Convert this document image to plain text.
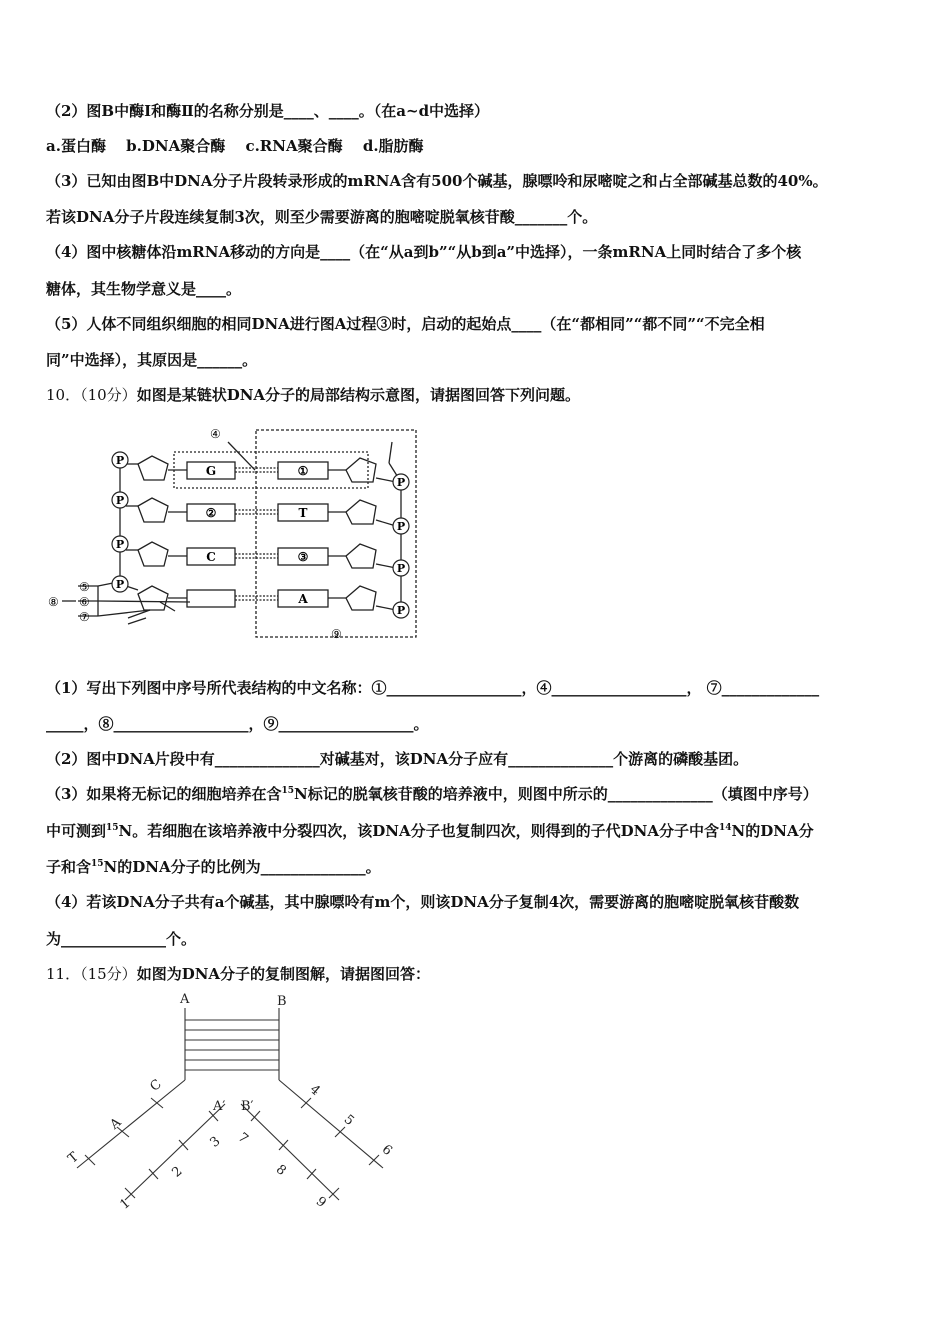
（2）图B中酶Ⅰ和酶Ⅱ的名称分别是____、____。（在a~d中选择）
a.蛋白酶　 b.DNA聚合酶　 c.RNA聚合酶　 d.脂肪酶
（3）已知由图B中DNA分子片段转录形成的mRNA含有500个碱基，腺嘌呤和尿嘧啶之和占全部碱基总数的40%。
若该DNA分子片段连续复制3次，则至少需要游离的胞嘧啶脱氧核苷酸_______个。
（4）图中核糖体沿mRNA移动的方向是____（在“从a到b”“从b到a”中选择），一条mRNA上同时结合了多个核
糖体，其生物学意义是____。
（5）人体不同组织细胞的相同DNA进行图A过程③时，启动的起始点____（在“都相同”“都不同”“不完全相
同”中选择），其原因是______。
10．（10分）如图是某链状DNA分子的局部结构示意图，请据图回答下列问题。
P
P
P
P
P
P
P
P
G
②
C
①
T
③
A
④
⑤
⑥
⑦
⑧
⑨
（1）写出下列图中序号所代表结构的中文名称：①__________________，④__________________， ⑦_____________
_____，⑧__________________，⑨__________________。
（2）图中DNA片段中有______________对碱基对，该DNA分子应有______________个游离的磷酸基团。
（3）如果将无标记的细胞培养在含$^{15}$N标记的脱氧核苷酸的培养液中，则图中所示的______________（填图中序号）
中可测到$^{15}$N。若细胞在该培养液中分裂四次，该DNA分子也复制四次，则得到的子代DNA分子中含$^{14}$N的DNA分
子和含$^{15}$N的DNA分子的比例为______________。
（4）若该DNA分子共有a个碱基，其中腺嘌呤有m个，则该DNA分子复制4次，需要游离的胞嘧啶脱氧核苷酸数
为______________个。
11．（15分）如图为DNA分子的复制图解，请据图回答：
A	B
A′ B′
C
A
T
1
2
3
4
5
6
7
8
9
